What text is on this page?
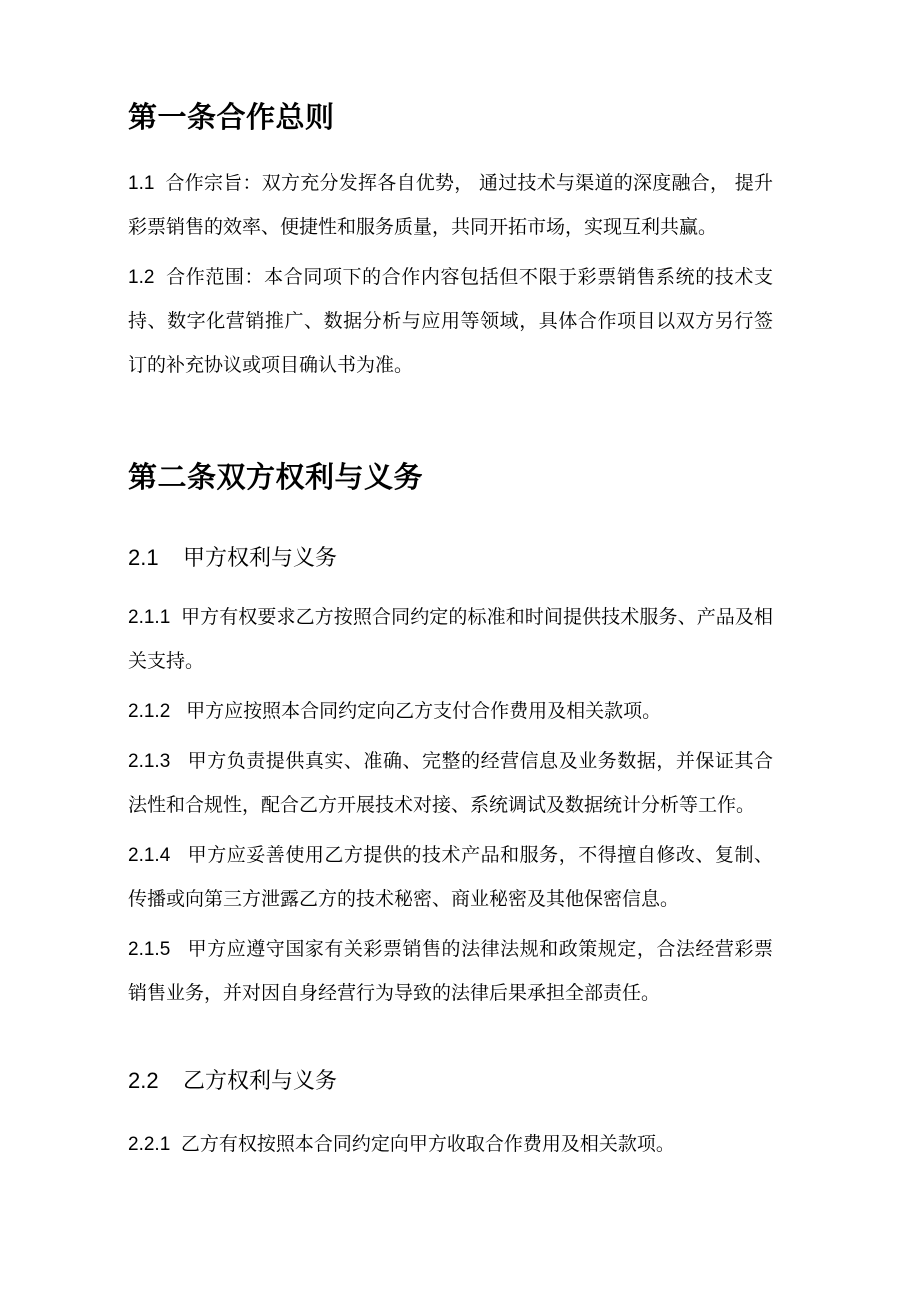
第一条合作总则

1.1  合作宗旨：双方充分发挥各自优势， 通过技术与渠道的深度融合， 提升彩票销售的效率、便捷性和服务质量，共同开拓市场，实现互利共赢。

1.2  合作范围：本合同项下的合作内容包括但不限于彩票销售系统的技术支持、数字化营销推广、数据分析与应用等领域，具体合作项目以双方另行签订的补充协议或项目确认书为准。

第二条双方权利与义务
2.1    甲方权利与义务

2.1.1  甲方有权要求乙方按照合同约定的标准和时间提供技术服务、产品及相关支持。

2.1.2   甲方应按照本合同约定向乙方支付合作费用及相关款项。

2.1.3   甲方负责提供真实、准确、完整的经营信息及业务数据，并保证其合法性和合规性，配合乙方开展技术对接、系统调试及数据统计分析等工作。

2.1.4   甲方应妥善使用乙方提供的技术产品和服务，不得擅自修改、复制、传播或向第三方泄露乙方的技术秘密、商业秘密及其他保密信息。

2.1.5   甲方应遵守国家有关彩票销售的法律法规和政策规定，合法经营彩票销售业务，并对因自身经营行为导致的法律后果承担全部责任。

2.2    乙方权利与义务

2.2.1  乙方有权按照本合同约定向甲方收取合作费用及相关款项。
